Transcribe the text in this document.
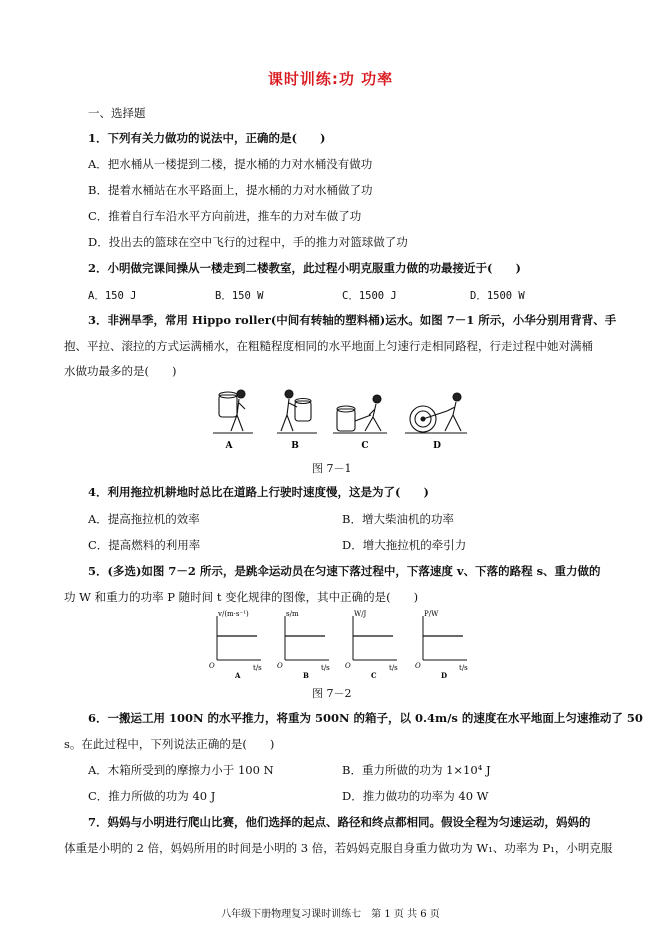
课时训练:功 功率
一、选择题
1．下列有关力做功的说法中，正确的是(　　)
A．把水桶从一楼提到二楼，提水桶的力对水桶没有做功
B．提着水桶站在水平路面上，提水桶的力对水桶做了功
C．推着自行车沿水平方向前进，推车的力对车做了功
D．投出去的篮球在空中飞行的过程中，手的推力对篮球做了功
2．小明做完课间操从一楼走到二楼教室，此过程小明克服重力做的功最接近于(　　)
A．150 J	B．150 W	C．1500 J	D．1500 W
3．非洲旱季，常用 Hippo roller(中间有转轴的塑料桶)运水。如图 7－1 所示，小华分别用背背、手
抱、平拉、滚拉的方式运满桶水，在粗糙程度相同的水平地面上匀速行走相同路程，行走过程中她对满桶
水做功最多的是(　　)
A	B	C	D
图 7－1
4．利用拖拉机耕地时总比在道路上行驶时速度慢，这是为了(　　)
A．提高拖拉机的效率	B．增大柴油机的功率
C．提高燃料的利用率	D．增大拖拉机的牵引力
5．(多选)如图 7－2 所示，是跳伞运动员在匀速下落过程中，下落速度 v、下落的路程 s、重力做的
功 W 和重力的功率 P 随时间 t 变化规律的图像，其中正确的是(　　)
v/(m·s⁻¹)
t/s
O
A
s/m
t/s
O
B
W/J
t/s
O
C
P/W
t/s
O
D
图 7－2
6．一搬运工用 100N 的水平推力，将重为 500N 的箱子，以 0.4m/s 的速度在水平地面上匀速推动了 50
s。在此过程中，下列说法正确的是(　　)
A．木箱所受到的摩擦力小于 100 N	B．重力所做的功为 1×10⁴ J
C．推力所做的功为 40 J	D．推力做功的功率为 40 W
7．妈妈与小明进行爬山比赛，他们选择的起点、路径和终点都相同。假设全程为匀速运动，妈妈的
体重是小明的 2 倍，妈妈所用的时间是小明的 3 倍，若妈妈克服自身重力做功为 W₁、功率为 P₁，小明克服
八年级下册物理复习课时训练七　第 1 页 共 6 页
